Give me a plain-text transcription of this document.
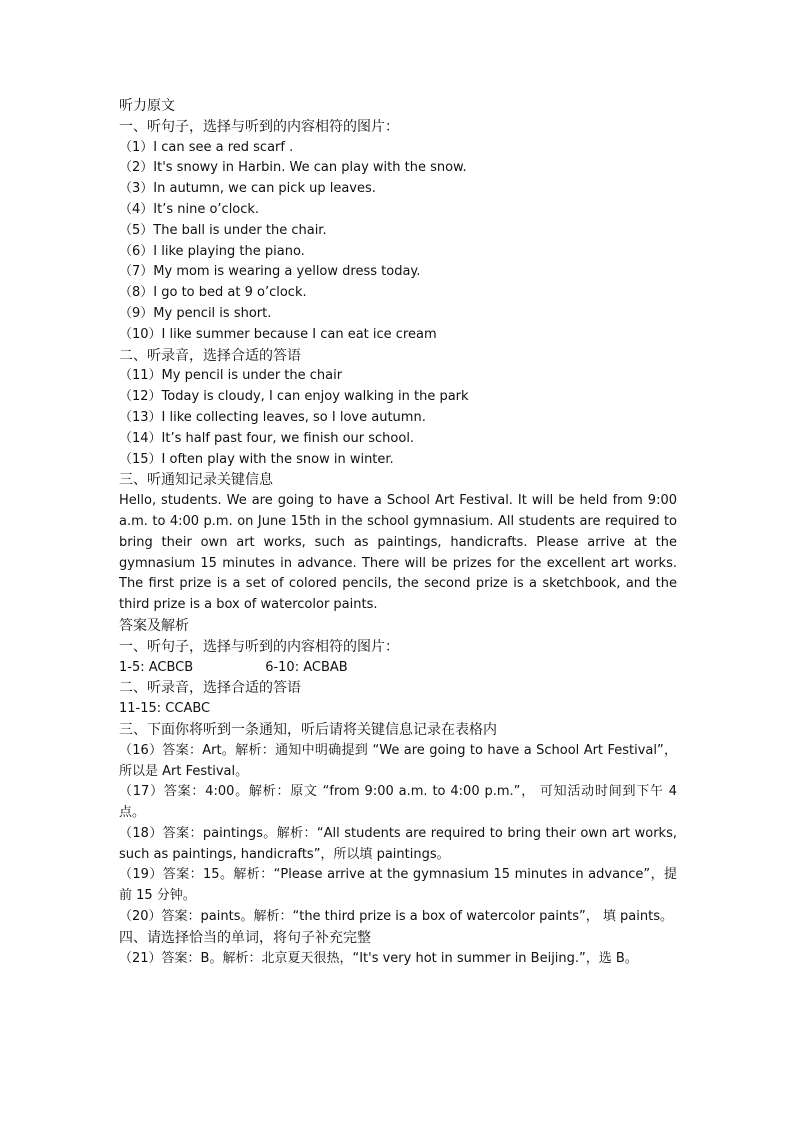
听力原文
一、听句子，选择与听到的内容相符的图片：
（1）I can see a red scarf .
（2）It's snowy in Harbin. We can play with the snow.
（3）In autumn, we can pick up leaves.
（4）It’s nine o’clock.
（5）The ball is under the chair.
（6）I like playing the piano.
（7）My mom is wearing a yellow dress today.
（8）I go to bed at 9 o’clock.
（9）My pencil is short.
（10）I like summer because I can eat ice cream
二、听录音，选择合适的答语
（11）My pencil is under the chair
（12）Today is cloudy, I can enjoy walking in the park
（13）I like collecting leaves, so I love autumn.
（14）It’s half past four, we finish our school.
（15）I often play with the snow in winter.
三、听通知记录关键信息
Hello, students. We are going to have a School Art Festival. It will be held from 9:00 a.m. to 4:00 p.m. on June 15th in the school gymnasium. All students are required to bring their own art works, such as paintings, handicrafts. Please arrive at the gymnasium 15 minutes in advance. There will be prizes for the excellent art works. The first prize is a set of colored pencils, the second prize is a sketchbook, and the third prize is a box of watercolor paints.
答案及解析
一、听句子，选择与听到的内容相符的图片：
1-5: ACBCB	6-10: ACBAB
二、听录音，选择合适的答语
11-15: CCABC
三、下面你将听到一条通知，听后请将关键信息记录在表格内
（16）答案：Art。解析：通知中明确提到 “We are going to have a School Art Festival”，所以是 Art Festival。
（17）答案：4:00。解析：原文 “from 9:00 a.m. to 4:00 p.m.”， 可知活动时间到下午 4 点。
（18）答案：paintings。解析：“All students are required to bring their own art works, such as paintings, handicrafts”，所以填 paintings。
（19）答案：15。解析：“Please arrive at the gymnasium 15 minutes in advance”，提前 15 分钟。
（20）答案：paints。解析：“the third prize is a box of watercolor paints”， 填 paints。
四、请选择恰当的单词，将句子补充完整
（21）答案：B。解析：北京夏天很热，“It's very hot in summer in Beijing.”，选 B。
